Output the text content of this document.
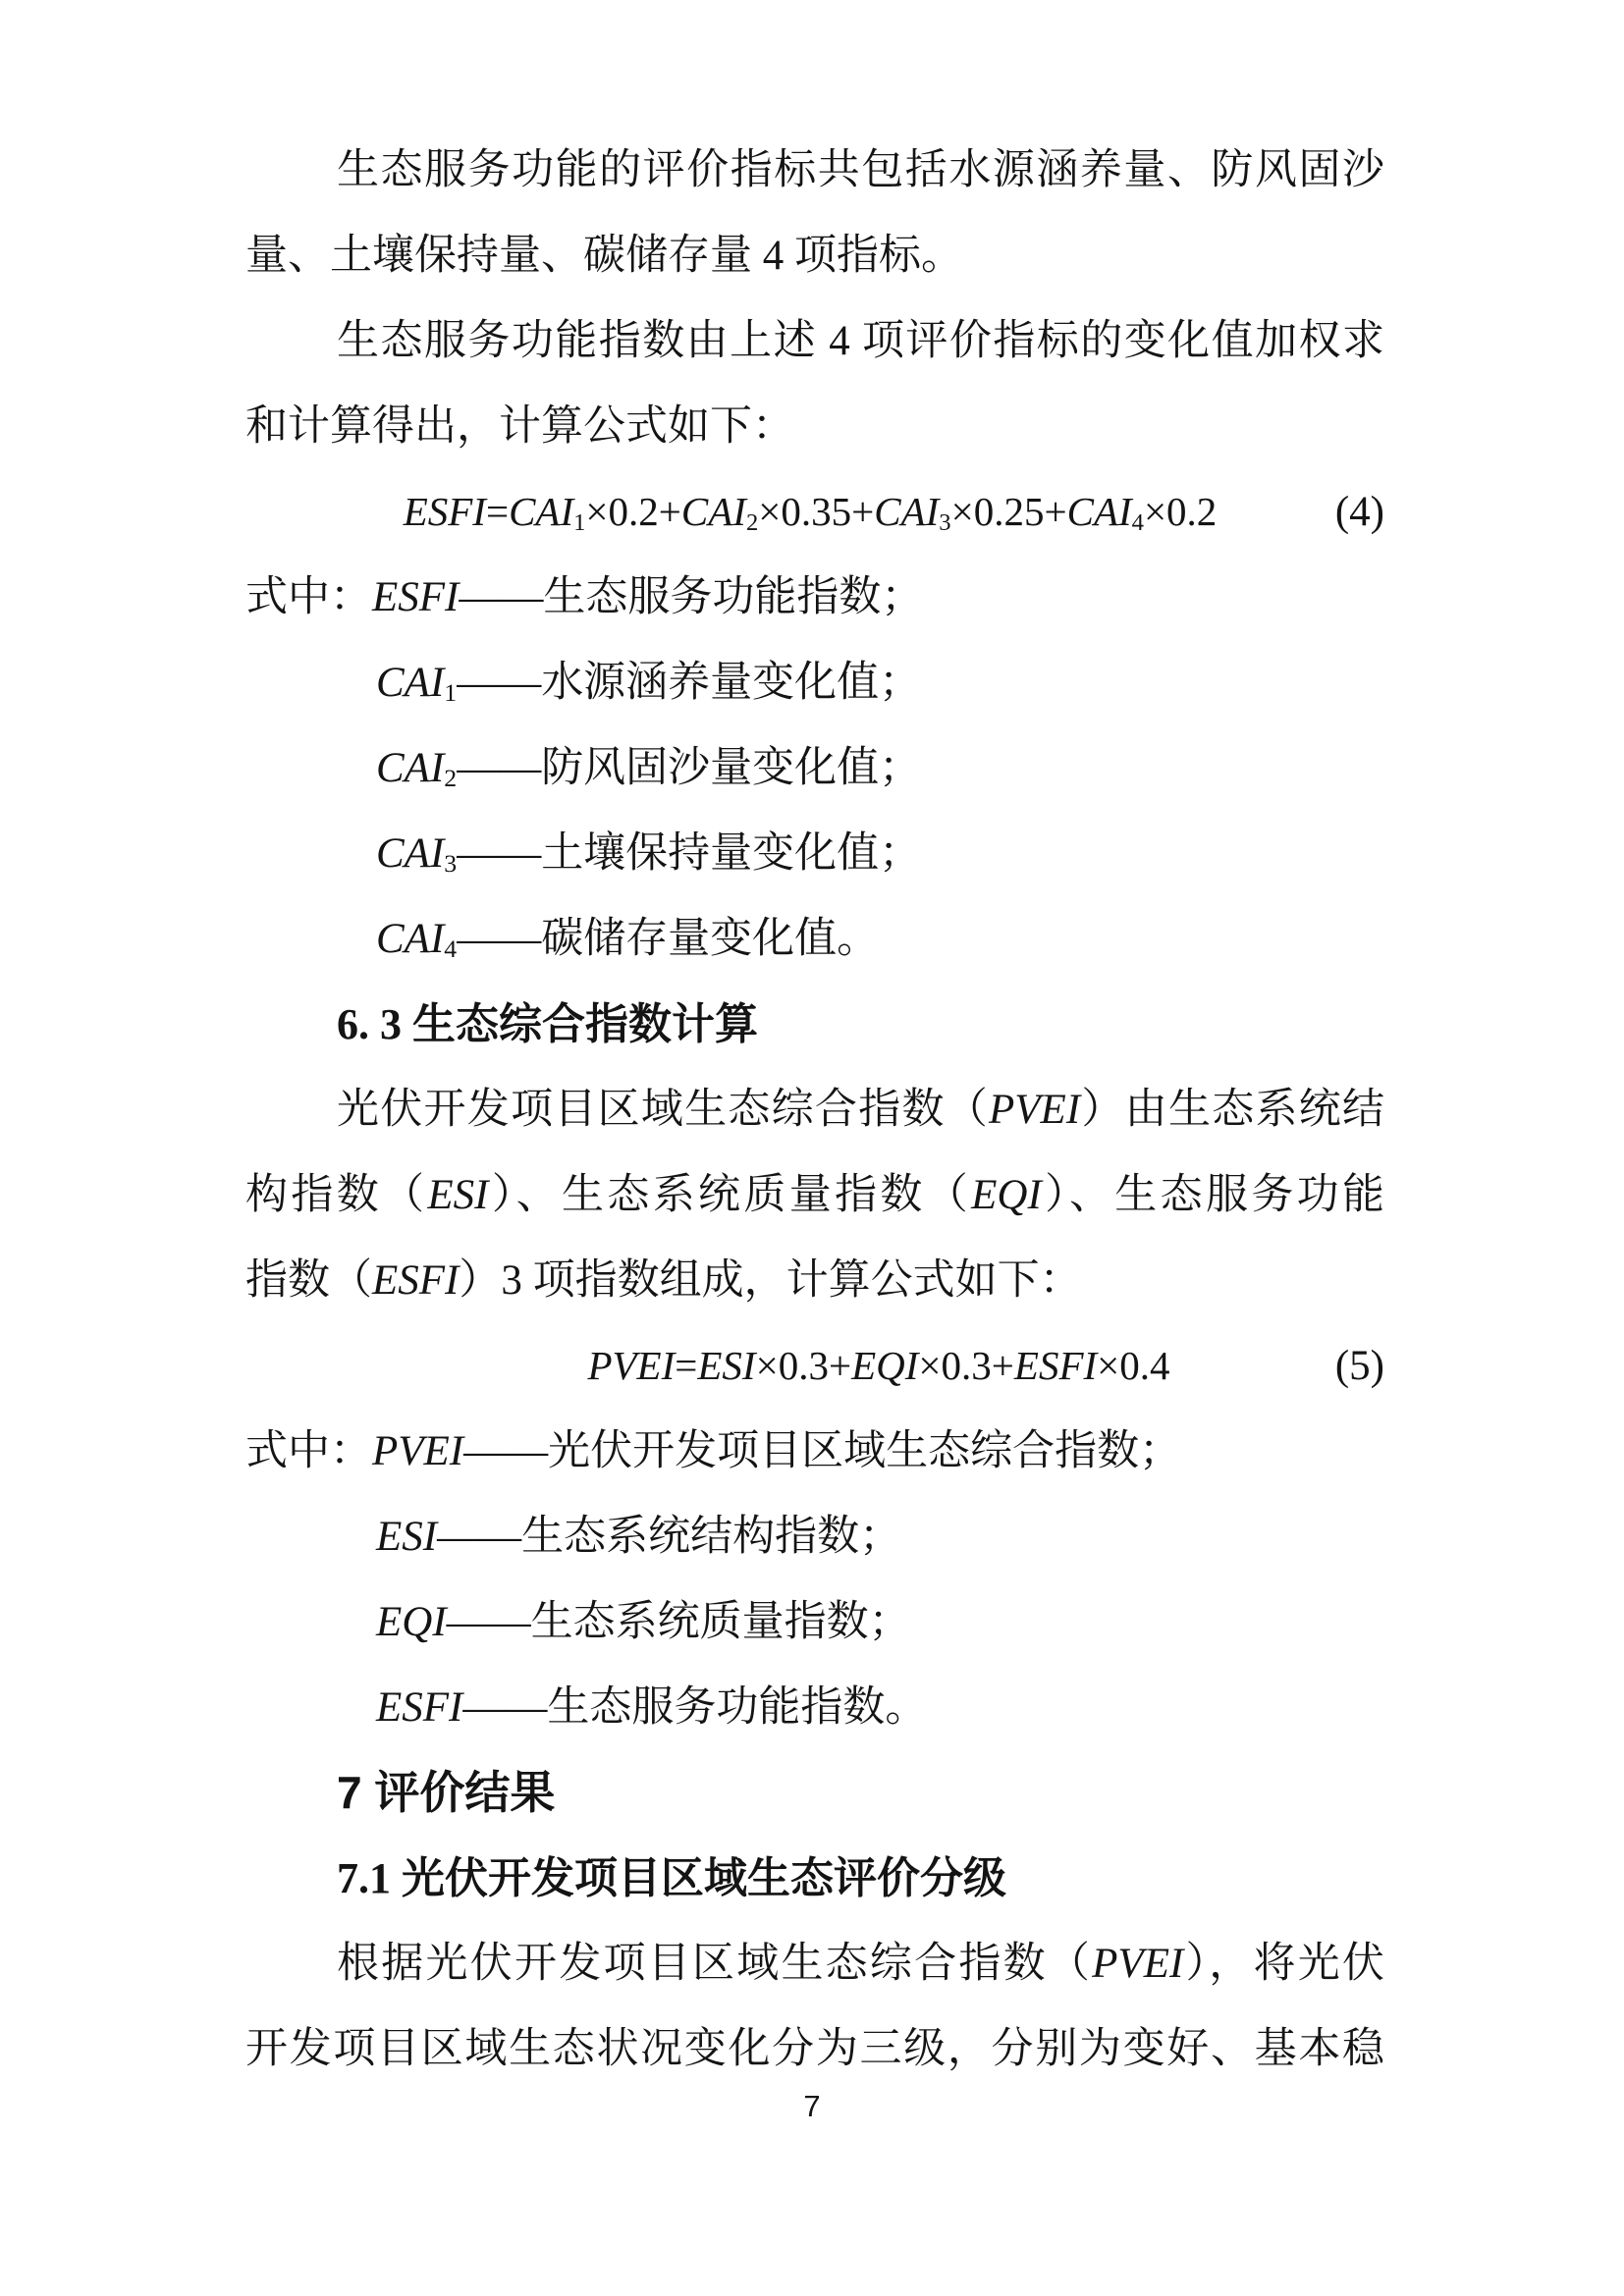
生态服务功能的评价指标共包括水源涵养量、防风固沙
量、土壤保持量、碳储存量 4 项指标。
生态服务功能指数由上述 4 项评价指标的变化值加权求
和计算得出，计算公式如下：
ESFI=CAI1×0.2+CAI2×0.35+CAI3×0.25+CAI4×0.2	(4)
式中：ESFI——生态服务功能指数；
CAI1——水源涵养量变化值；
CAI2——防风固沙量变化值；
CAI3——土壤保持量变化值；
CAI4——碳储存量变化值。
6. 3 生态综合指数计算
光伏开发项目区域生态综合指数（PVEI）由生态系统结
构指数（ESI）、生态系统质量指数（EQI）、生态服务功能
指数（ESFI）3 项指数组成，计算公式如下：
PVEI=ESI×0.3+EQI×0.3+ESFI×0.4	(5)
式中：PVEI——光伏开发项目区域生态综合指数；
ESI——生态系统结构指数；
EQI——生态系统质量指数；
ESFI——生态服务功能指数。
7 评价结果
7.1 光伏开发项目区域生态评价分级
根据光伏开发项目区域生态综合指数（PVEI），将光伏
开发项目区域生态状况变化分为三级，分别为变好、基本稳
7
